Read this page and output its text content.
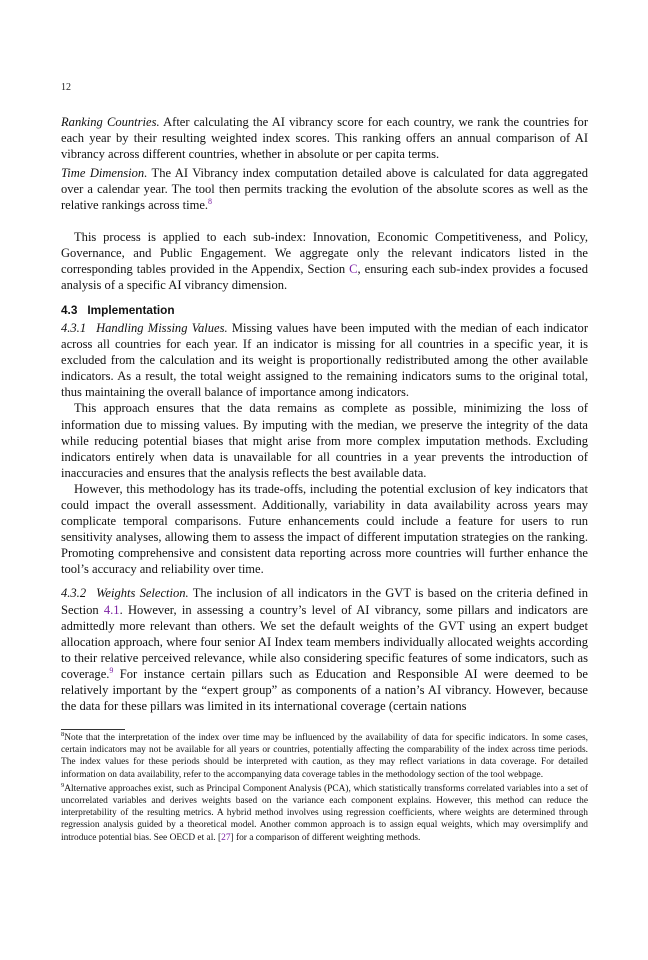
12

Ranking Countries. After calculating the AI vibrancy score for each country, we rank the countries for each year by their resulting weighted index scores. This ranking offers an annual comparison of AI vibrancy across different countries, whether in absolute or per capita terms.

Time Dimension. The AI Vibrancy index computation detailed above is calculated for data aggregated over a calendar year. The tool then permits tracking the evolution of the absolute scores as well as the relative rankings across time.$^8$

This process is applied to each sub-index: Innovation, Economic Competitiveness, and Policy, Governance, and Public Engagement. We aggregate only the relevant indicators listed in the corresponding tables provided in the Appendix, Section C, ensuring each sub-index provides a focused analysis of a specific AI vibrancy dimension.

4.3 Implementation

4.3.1 Handling Missing Values. Missing values have been imputed with the median of each indicator across all countries for each year. If an indicator is missing for all countries in a specific year, it is excluded from the calculation and its weight is proportionally redistributed among the other available indicators. As a result, the total weight assigned to the remaining indicators sums to the original total, thus maintaining the overall balance of importance among indicators.

This approach ensures that the data remains as complete as possible, minimizing the loss of information due to missing values. By imputing with the median, we preserve the integrity of the data while reducing potential biases that might arise from more complex imputation methods. Excluding indicators entirely when data is unavailable for all countries in a year prevents the introduction of inaccuracies and ensures that the analysis reflects the best available data.

However, this methodology has its trade-offs, including the potential exclusion of key indicators that could impact the overall assessment. Additionally, variability in data availability across years may complicate temporal comparisons. Future enhancements could include a feature for users to run sensitivity analyses, allowing them to assess the impact of different imputation strategies on the ranking. Promoting comprehensive and consistent data reporting across more countries will further enhance the tool’s accuracy and reliability over time.

4.3.2 Weights Selection. The inclusion of all indicators in the GVT is based on the criteria defined in Section 4.1. However, in assessing a country’s level of AI vibrancy, some pillars and indicators are admittedly more relevant than others. We set the default weights of the GVT using an expert budget allocation approach, where four senior AI Index team members individually allocated weights according to their relative perceived relevance, while also considering specific features of some indicators, such as coverage.$^9$ For instance certain pillars such as Education and Responsible AI were deemed to be relatively important by the “expert group” as components of a nation’s AI vibrancy. However, because the data for these pillars was limited in its international coverage (certain nations

$^8$Note that the interpretation of the index over time may be influenced by the availability of data for specific indicators. In some cases, certain indicators may not be available for all years or countries, potentially affecting the comparability of the index across time periods. The index values for these periods should be interpreted with caution, as they may reflect variations in data coverage. For detailed information on data availability, refer to the accompanying data coverage tables in the methodology section of the tool webpage.

$^9$Alternative approaches exist, such as Principal Component Analysis (PCA), which statistically transforms correlated variables into a set of uncorrelated variables and derives weights based on the variance each component explains. However, this method can reduce the interpretability of the resulting metrics. A hybrid method involves using regression coefficients, where weights are determined through regression analysis guided by a theoretical model. Another common approach is to assign equal weights, which may oversimplify and introduce potential bias. See OECD et al. [27] for a comparison of different weighting methods.
